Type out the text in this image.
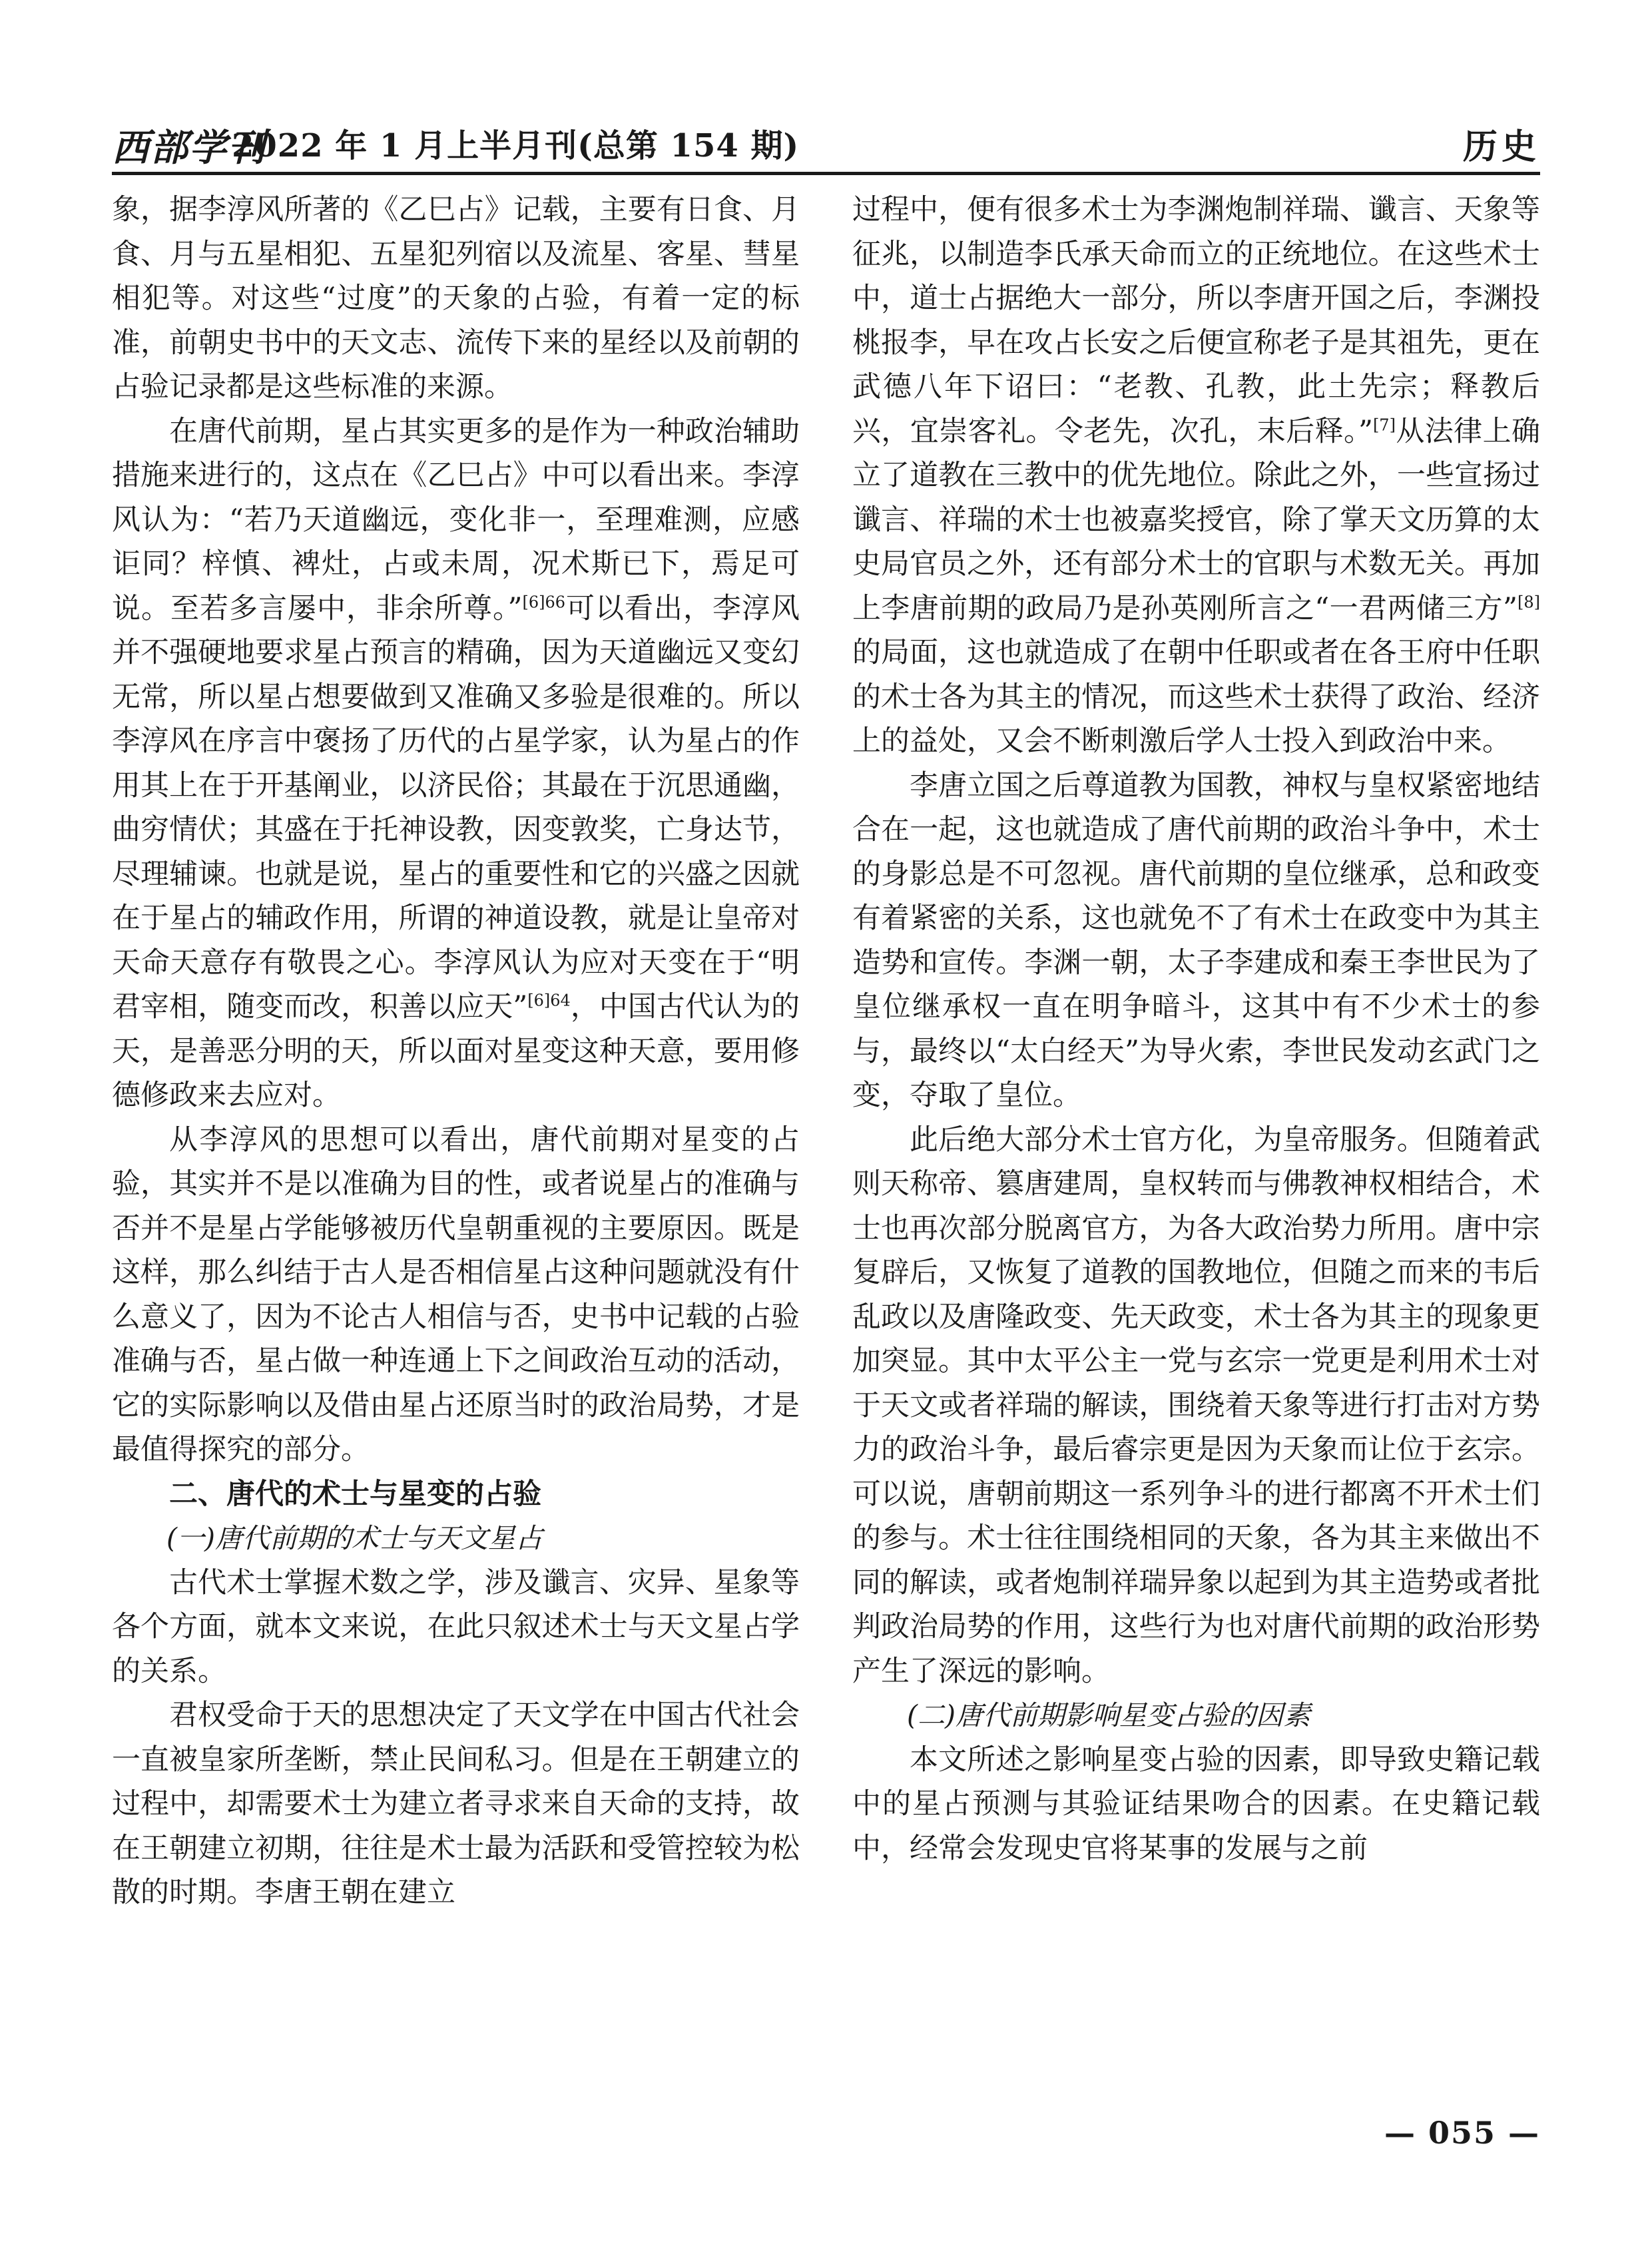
西部学刊
2022 年 1 月上半月刊(总第 154 期)	历史

象，据李淳风所著的《乙巳占》记载，主要有日食、月食、月与五星相犯、五星犯列宿以及流星、客星、彗星相犯等。对这些“过度”的天象的占验，有着一定的标准，前朝史书中的天文志、流传下来的星经以及前朝的占验记录都是这些标准的来源。

在唐代前期，星占其实更多的是作为一种政治辅助措施来进行的，这点在《乙巳占》中可以看出来。李淳风认为：“若乃天道幽远，变化非一，至理难测，应感讵同？梓慎、裨灶，占或未周，况术斯已下，焉足可说。至若多言屡中，非余所尊。”$^{[6]66}$可以看出，李淳风并不强硬地要求星占预言的精确，因为天道幽远又变幻无常，所以星占想要做到又准确又多验是很难的。所以李淳风在序言中褒扬了历代的占星学家，认为星占的作用其上在于开基阐业，以济民俗；其最在于沉思通幽，曲穷情伏；其盛在于托神设教，因变敦奖，亡身达节，尽理辅谏。也就是说，星占的重要性和它的兴盛之因就在于星占的辅政作用，所谓的神道设教，就是让皇帝对天命天意存有敬畏之心。李淳风认为应对天变在于“明君宰相，随变而改，积善以应天”$^{[6]64}$，中国古代认为的天，是善恶分明的天，所以面对星变这种天意，要用修德修政来去应对。

从李淳风的思想可以看出，唐代前期对星变的占验，其实并不是以准确为目的性，或者说星占的准确与否并不是星占学能够被历代皇朝重视的主要原因。既是这样，那么纠结于古人是否相信星占这种问题就没有什么意义了，因为不论古人相信与否，史书中记载的占验准确与否，星占做一种连通上下之间政治互动的活动，它的实际影响以及借由星占还原当时的政治局势，才是最值得探究的部分。

二、唐代的术士与星变的占验
(一)唐代前期的术士与天文星占

古代术士掌握术数之学，涉及谶言、灾异、星象等各个方面，就本文来说，在此只叙述术士与天文星占学的关系。

君权受命于天的思想决定了天文学在中国古代社会一直被皇家所垄断，禁止民间私习。但是在王朝建立的过程中，却需要术士为建立者寻求来自天命的支持，故在王朝建立初期，往往是术士最为活跃和受管控较为松散的时期。李唐王朝在建立

过程中，便有很多术士为李渊炮制祥瑞、谶言、天象等征兆，以制造李氏承天命而立的正统地位。在这些术士中，道士占据绝大一部分，所以李唐开国之后，李渊投桃报李，早在攻占长安之后便宣称老子是其祖先，更在武德八年下诏曰：“老教、孔教，此土先宗；释教后兴，宜崇客礼。令老先，次孔，末后释。”[7]从法律上确立了道教在三教中的优先地位。除此之外，一些宣扬过谶言、祥瑞的术士也被嘉奖授官，除了掌天文历算的太史局官员之外，还有部分术士的官职与术数无关。再加上李唐前期的政局乃是孙英刚所言之“一君两储三方”[8]的局面，这也就造成了在朝中任职或者在各王府中任职的术士各为其主的情况，而这些术士获得了政治、经济上的益处，又会不断刺激后学人士投入到政治中来。

李唐立国之后尊道教为国教，神权与皇权紧密地结合在一起，这也就造成了唐代前期的政治斗争中，术士的身影总是不可忽视。唐代前期的皇位继承，总和政变有着紧密的关系，这也就免不了有术士在政变中为其主造势和宣传。李渊一朝，太子李建成和秦王李世民为了皇位继承权一直在明争暗斗，这其中有不少术士的参与，最终以“太白经天”为导火索，李世民发动玄武门之变，夺取了皇位。

此后绝大部分术士官方化，为皇帝服务。但随着武则天称帝、篡唐建周，皇权转而与佛教神权相结合，术士也再次部分脱离官方，为各大政治势力所用。唐中宗复辟后，又恢复了道教的国教地位，但随之而来的韦后乱政以及唐隆政变、先天政变，术士各为其主的现象更加突显。其中太平公主一党与玄宗一党更是利用术士对于天文或者祥瑞的解读，围绕着天象等进行打击对方势力的政治斗争，最后睿宗更是因为天象而让位于玄宗。可以说，唐朝前期这一系列争斗的进行都离不开术士们的参与。术士往往围绕相同的天象，各为其主来做出不同的解读，或者炮制祥瑞异象以起到为其主造势或者批判政治局势的作用，这些行为也对唐代前期的政治形势产生了深远的影响。

(二)唐代前期影响星变占验的因素

本文所述之影响星变占验的因素，即导致史籍记载中的星占预测与其验证结果吻合的因素。在史籍记载中，经常会发现史官将某事的发展与之前

— 055 —
